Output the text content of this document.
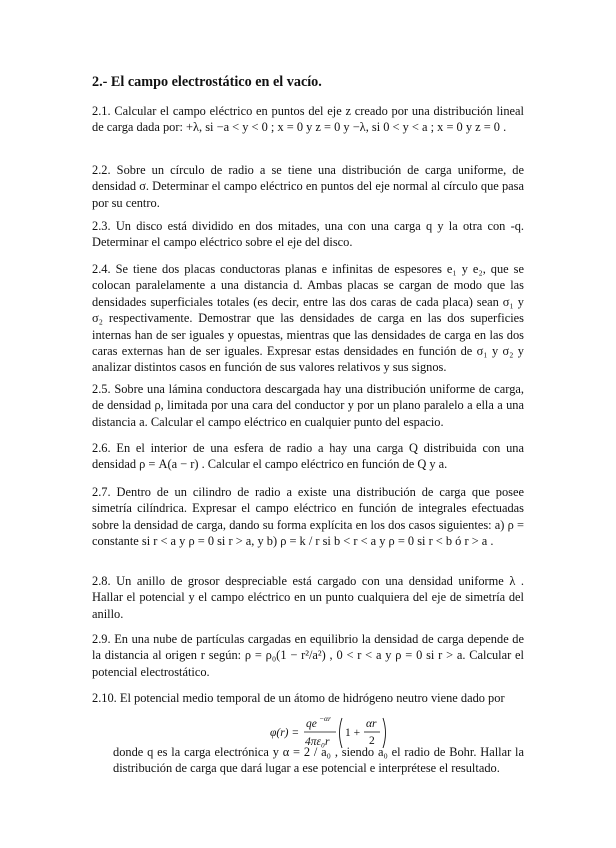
2.- El campo electrostático en el vacío.
2.1. Calcular el campo eléctrico en puntos del eje z creado por una distribución lineal de carga dada por: +λ, si −a < y < 0 ; x = 0 y z = 0 y −λ, si 0 < y < a ; x = 0 y z = 0 .
2.2. Sobre un círculo de radio a se tiene una distribución de carga uniforme, de densidad σ. Determinar el campo eléctrico en puntos del eje normal al círculo que pasa por su centro.
2.3. Un disco está dividido en dos mitades, una con una carga q y la otra con -q. Determinar el campo eléctrico sobre el eje del disco.
2.4. Se tiene dos placas conductoras planas e infinitas de espesores e₁ y e₂, que se colocan paralelamente a una distancia d. Ambas placas se cargan de modo que las densidades superficiales totales (es decir, entre las dos caras de cada placa) sean σ₁ y σ₂ respectivamente. Demostrar que las densidades de carga en las dos superficies internas han de ser iguales y opuestas, mientras que las densidades de carga en las dos caras externas han de ser iguales. Expresar estas densidades en función de σ₁ y σ₂ y analizar distintos casos en función de sus valores relativos y sus signos.
2.5. Sobre una lámina conductora descargada hay una distribución uniforme de carga, de densidad ρ, limitada por una cara del conductor y por un plano paralelo a ella a una distancia a. Calcular el campo eléctrico en cualquier punto del espacio.
2.6. En el interior de una esfera de radio a hay una carga Q distribuida con una densidad ρ = A(a − r) . Calcular el campo eléctrico en función de Q y a.
2.7. Dentro de un cilindro de radio a existe una distribución de carga que posee simetría cilíndrica. Expresar el campo eléctrico en función de integrales efectuadas sobre la densidad de carga, dando su forma explícita en los dos casos siguientes: a) ρ = constante si r < a y ρ = 0 si r > a, y b) ρ = k / r si b < r < a y ρ = 0 si r < b ó r > a .
2.8. Un anillo de grosor despreciable está cargado con una densidad uniforme λ . Hallar el potencial y el campo eléctrico en un punto cualquiera del eje de simetría del anillo.
2.9. En una nube de partículas cargadas en equilibrio la densidad de carga depende de la distancia al origen r según: ρ = ρ₀(1 − r²/a²) , 0 < r < a y ρ = 0 si r > a. Calcular el potencial electrostático.
2.10. El potencial medio temporal de un átomo de hidrógeno neutro viene dado por
φ(r) =
qe −αr
4πε₀r
1 +
αr
2
donde q es la carga electrónica y α = 2 / a₀ , siendo a₀ el radio de Bohr. Hallar la distribución de carga que dará lugar a ese potencial e interprétese el resultado.
